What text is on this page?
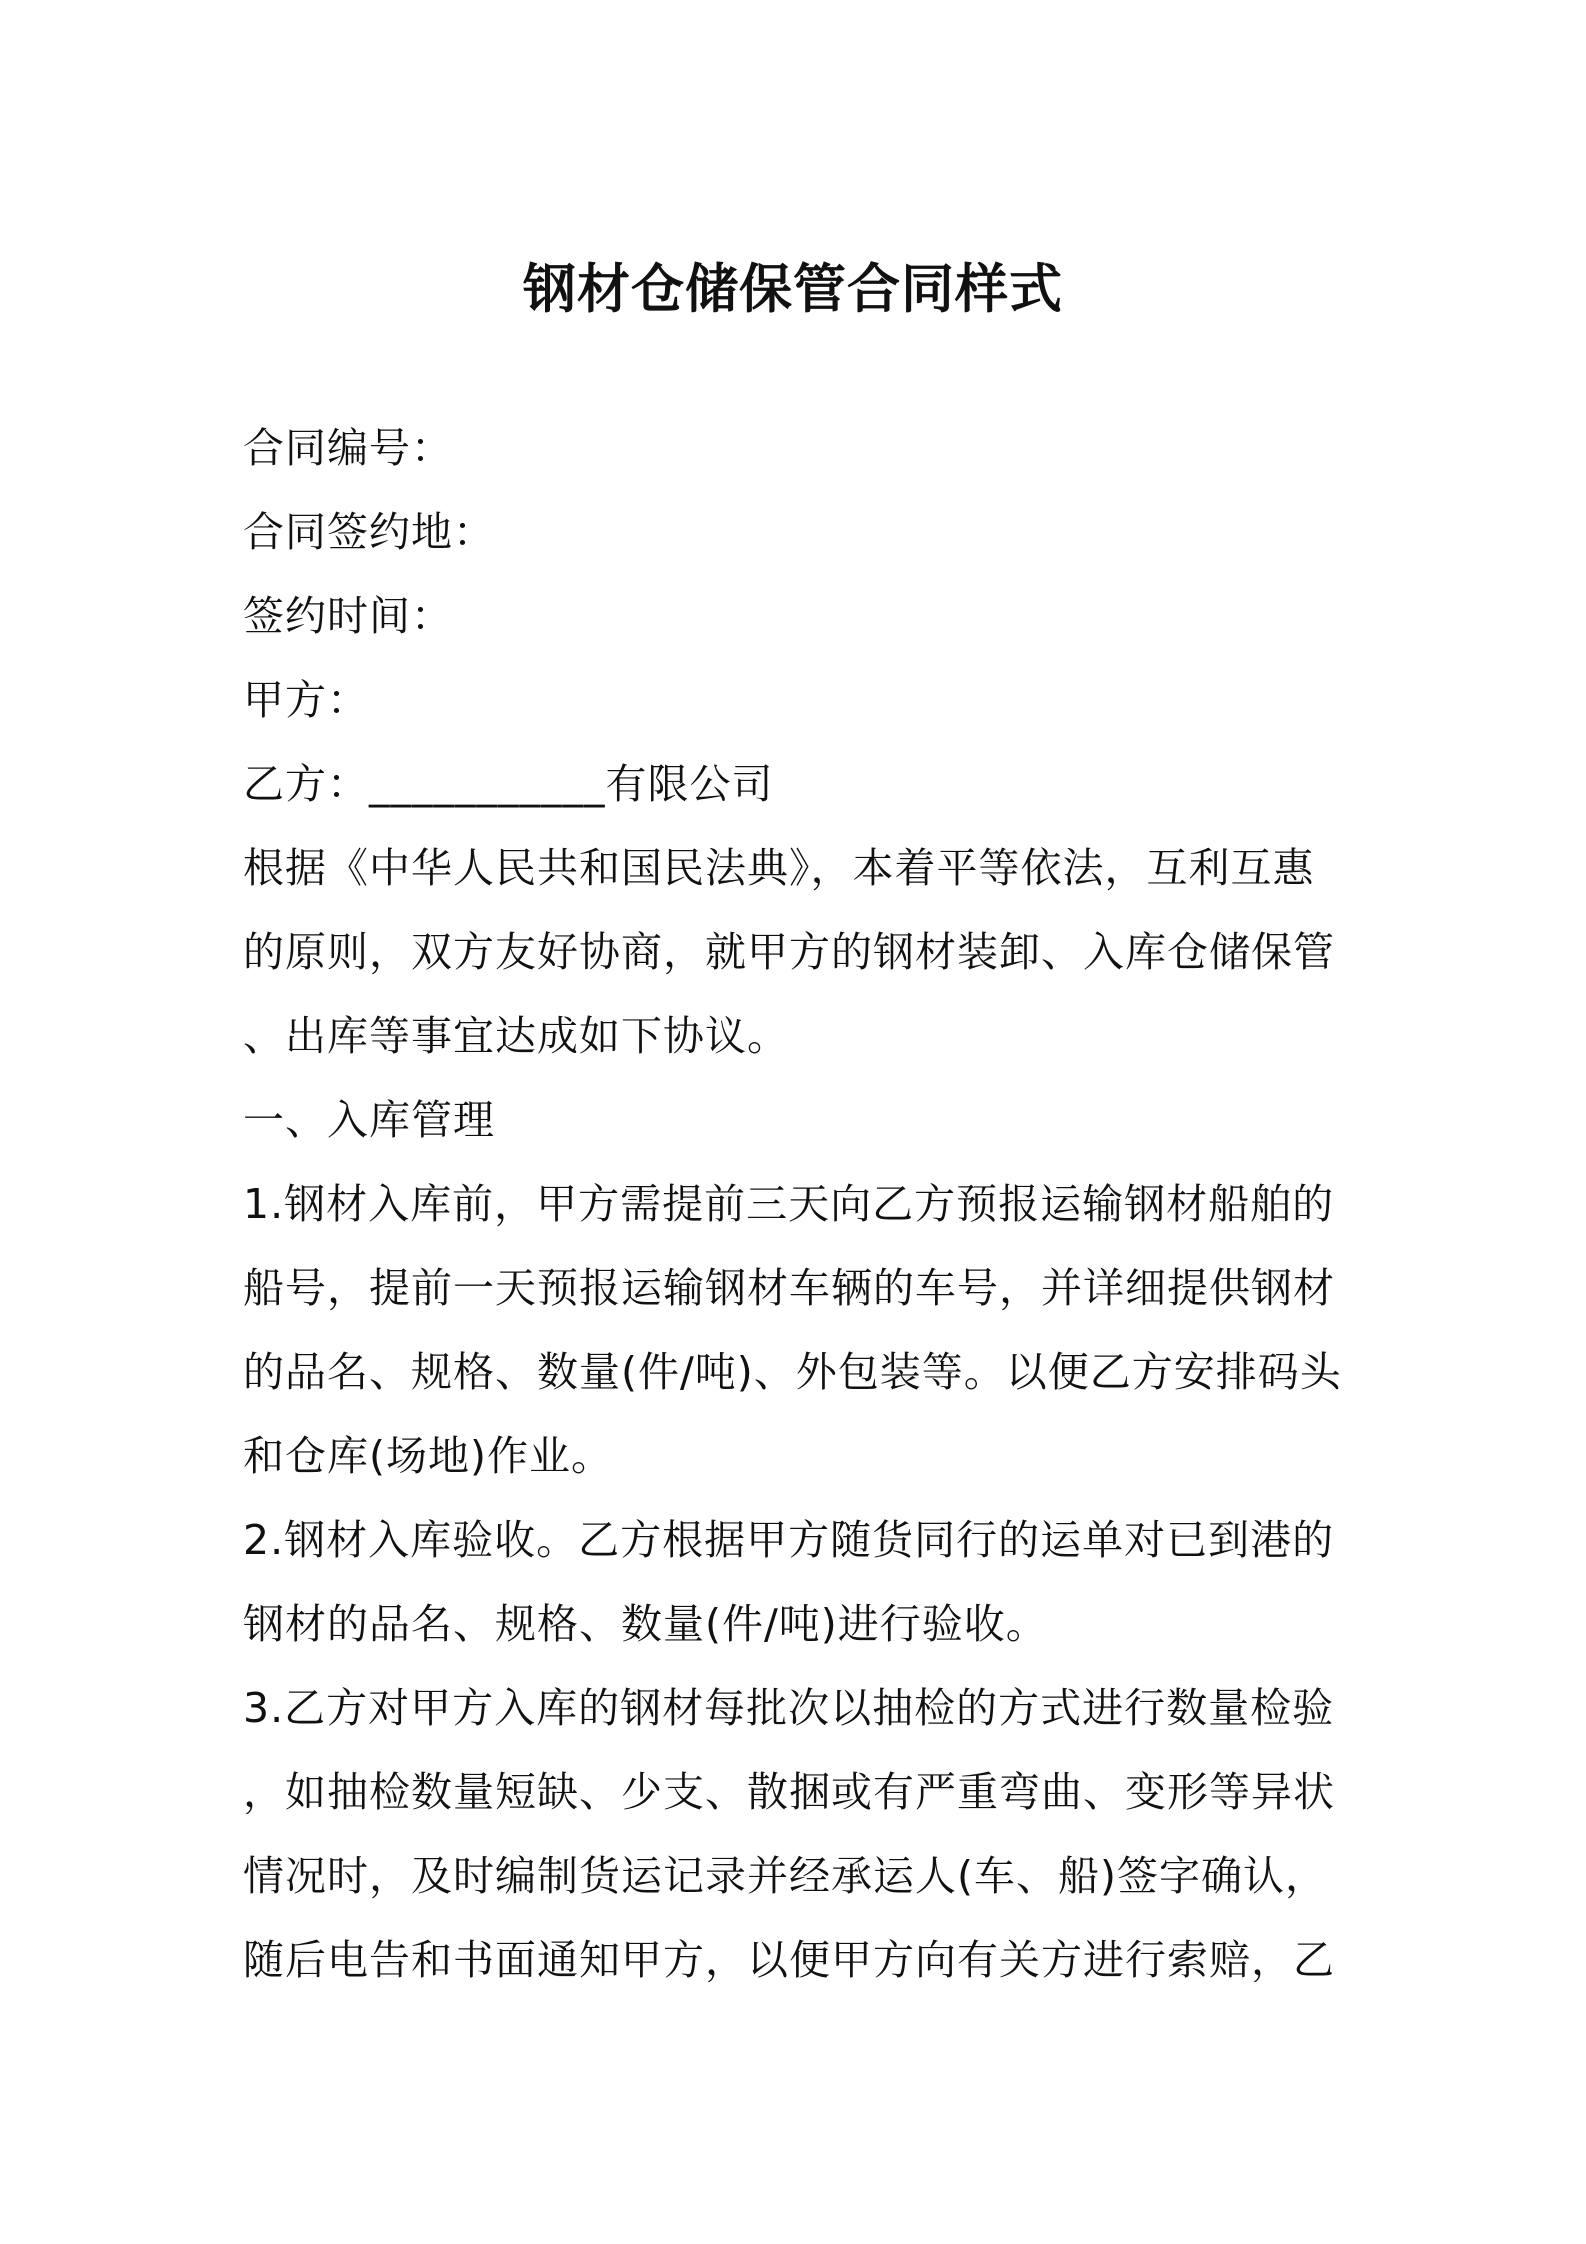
钢材仓储保管合同样式
合同编号：
合同签约地：
签约时间：
甲方：
乙方：___________有限公司
根据《中华人民共和国民法典》，本着平等依法，互利互惠
的原则，双方友好协商，就甲方的钢材装卸、入库仓储保管
、出库等事宜达成如下协议。
一、入库管理
1.钢材入库前，甲方需提前三天向乙方预报运输钢材船舶的
船号，提前一天预报运输钢材车辆的车号，并详细提供钢材
的品名、规格、数量(件/吨)、外包装等。以便乙方安排码头
和仓库(场地)作业。
2.钢材入库验收。乙方根据甲方随货同行的运单对已到港的
钢材的品名、规格、数量(件/吨)进行验收。
3.乙方对甲方入库的钢材每批次以抽检的方式进行数量检验
，如抽检数量短缺、少支、散捆或有严重弯曲、变形等异状
情况时，及时编制货运记录并经承运人(车、船)签字确认，
随后电告和书面通知甲方，以便甲方向有关方进行索赔，乙
